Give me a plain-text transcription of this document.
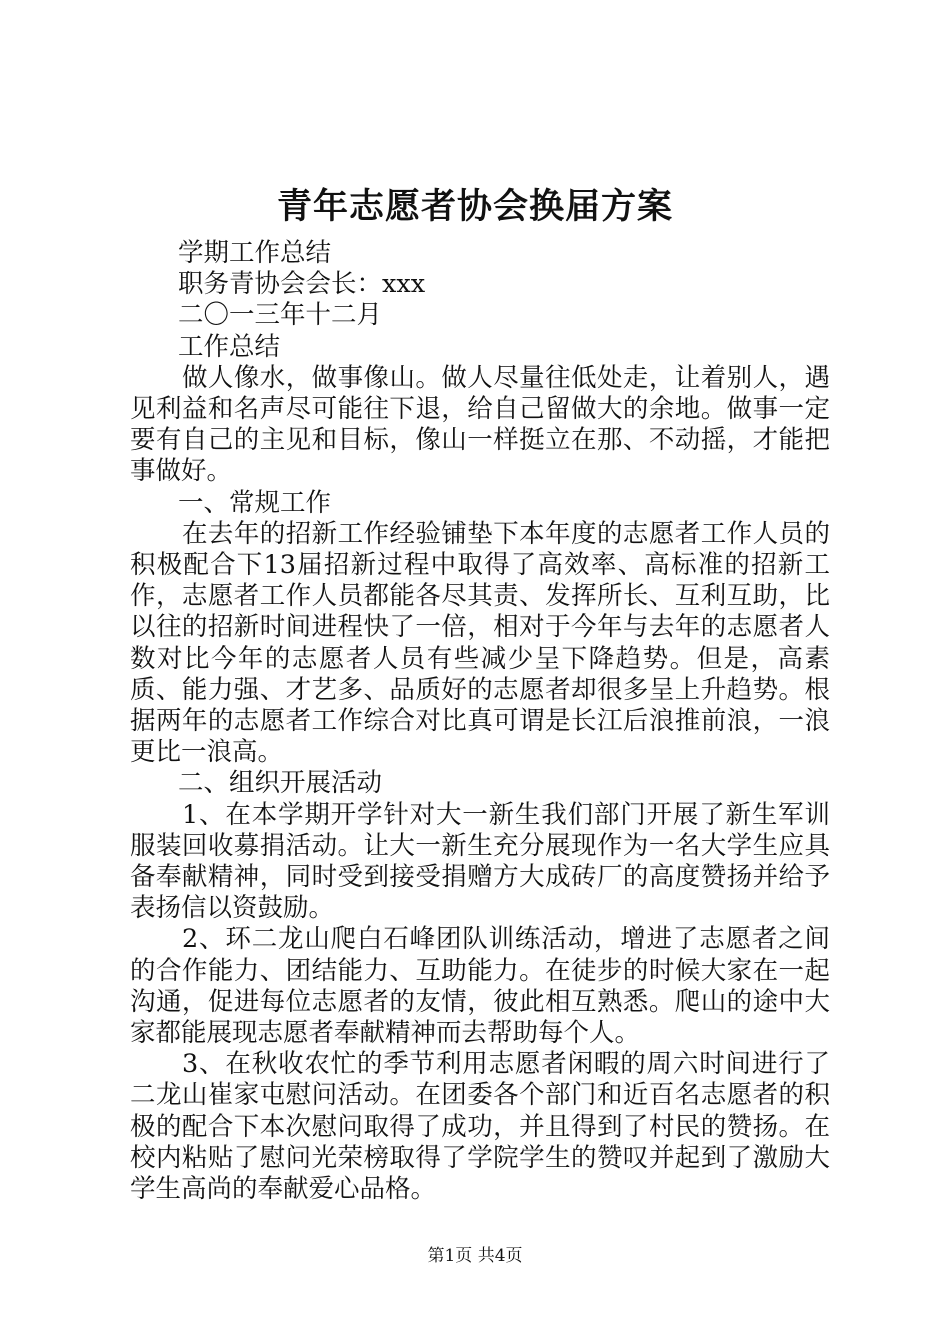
青年志愿者协会换届方案

学期工作总结

职务青协会会长：xxx

二〇一三年十二月

工作总结

做人像水，做事像山。做人尽量往低处走，让着别人，遇见利益和名声尽可能往下退，给自己留做大的余地。做事一定要有自己的主见和目标，像山一样挺立在那、不动摇，才能把事做好。

一、常规工作

在去年的招新工作经验铺垫下本年度的志愿者工作人员的积极配合下13届招新过程中取得了高效率、高标准的招新工作，志愿者工作人员都能各尽其责、发挥所长、互利互助，比以往的招新时间进程快了一倍，相对于今年与去年的志愿者人数对比今年的志愿者人员有些减少呈下降趋势。但是，高素质、能力强、才艺多、品质好的志愿者却很多呈上升趋势。根据两年的志愿者工作综合对比真可谓是长江后浪推前浪，一浪更比一浪高。

二、组织开展活动

1、在本学期开学针对大一新生我们部门开展了新生军训服装回收募捐活动。让大一新生充分展现作为一名大学生应具备奉献精神，同时受到接受捐赠方大成砖厂的高度赞扬并给予表扬信以资鼓励。

2、环二龙山爬白石峰团队训练活动，增进了志愿者之间的合作能力、团结能力、互助能力。在徒步的时候大家在一起沟通，促进每位志愿者的友情，彼此相互熟悉。爬山的途中大家都能展现志愿者奉献精神而去帮助每个人。

3、在秋收农忙的季节利用志愿者闲暇的周六时间进行了二龙山崔家屯慰问活动。在团委各个部门和近百名志愿者的积极的配合下本次慰问取得了成功，并且得到了村民的赞扬。在校内粘贴了慰问光荣榜取得了学院学生的赞叹并起到了激励大学生高尚的奉献爱心品格。

第1页 共4页
